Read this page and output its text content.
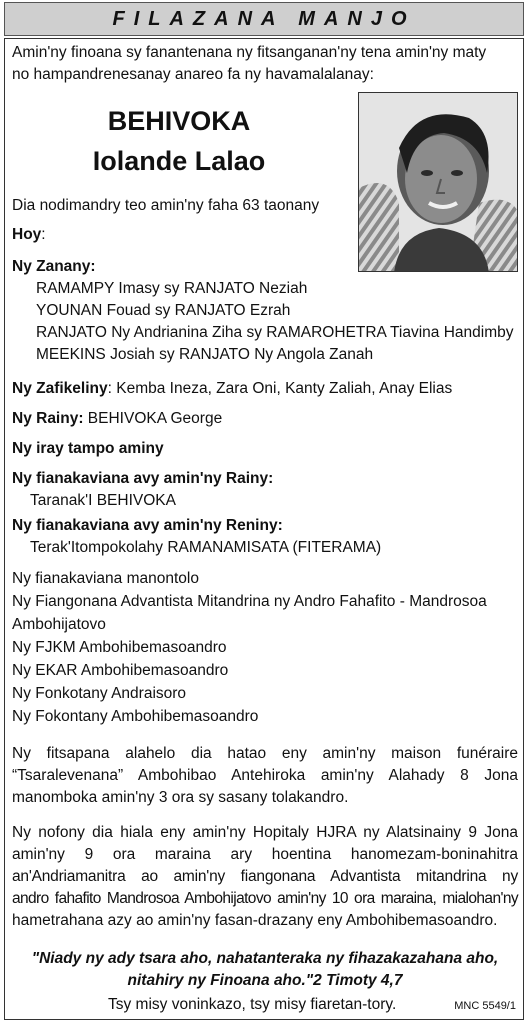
FILAZANA MANJO
Amin'ny finoana sy fanantenana ny fitsanganan'ny tena amin'ny maty
no hampandrenesanay anareo fa ny havamalalanay:
BEHIVOKA
Iolande Lalao
Dia nodimandry teo amin'ny faha 63 taonany
Hoy:
Ny Zanany:
RAMAMPY Imasy sy RANJATO Neziah
YOUNAN Fouad sy RANJATO Ezrah
RANJATO Ny Andrianina Ziha sy RAMAROHETRA Tiavina Handimby
MEEKINS Josiah sy RANJATO Ny Angola Zanah
Ny Zafikeliny: Kemba Ineza, Zara Oni, Kanty Zaliah, Anay Elias
Ny Rainy: BEHIVOKA George
Ny iray tampo aminy
Ny fianakaviana avy amin'ny Rainy:
Taranak'I BEHIVOKA
Ny fianakaviana avy amin'ny Reniny:
Terak'Itompokolahy RAMANAMISATA (FITERAMA)
Ny fianakaviana manontolo
Ny Fiangonana Advantista Mitandrina ny Andro Fahafito - Mandrosoa
Ambohijatovo
Ny FJKM Ambohibemasoandro
Ny EKAR Ambohibemasoandro
Ny Fonkotany Andraisoro
Ny Fokontany Ambohibemasoandro
Ny fitsapana alahelo dia hatao eny amin'ny maison funéraire
“Tsaralevenana” Ambohibao Antehiroka amin'ny Alahady 8 Jona
manomboka amin'ny 3 ora sy sasany tolakandro.
Ny nofony dia hiala eny amin'ny Hopitaly HJRA ny Alatsinainy 9 Jona
amin'ny 9 ora maraina ary hoentina hanomezam-boninahitra
an'Andriamanitra ao amin'ny fiangonana Advantista mitandrina ny
andro fahafito Mandrosoa Ambohijatovo amin'ny 10 ora maraina, mialohan'ny
hametrahana azy ao amin'ny fasan-drazany eny Ambohibemasoandro.
"Niady ny ady tsara aho, nahatanteraka ny fihazakazahana aho,
nitahiry ny Finoana aho."2 Timoty 4,7
Tsy misy voninkazo, tsy misy fiaretan-tory.	MNC 5549/1
